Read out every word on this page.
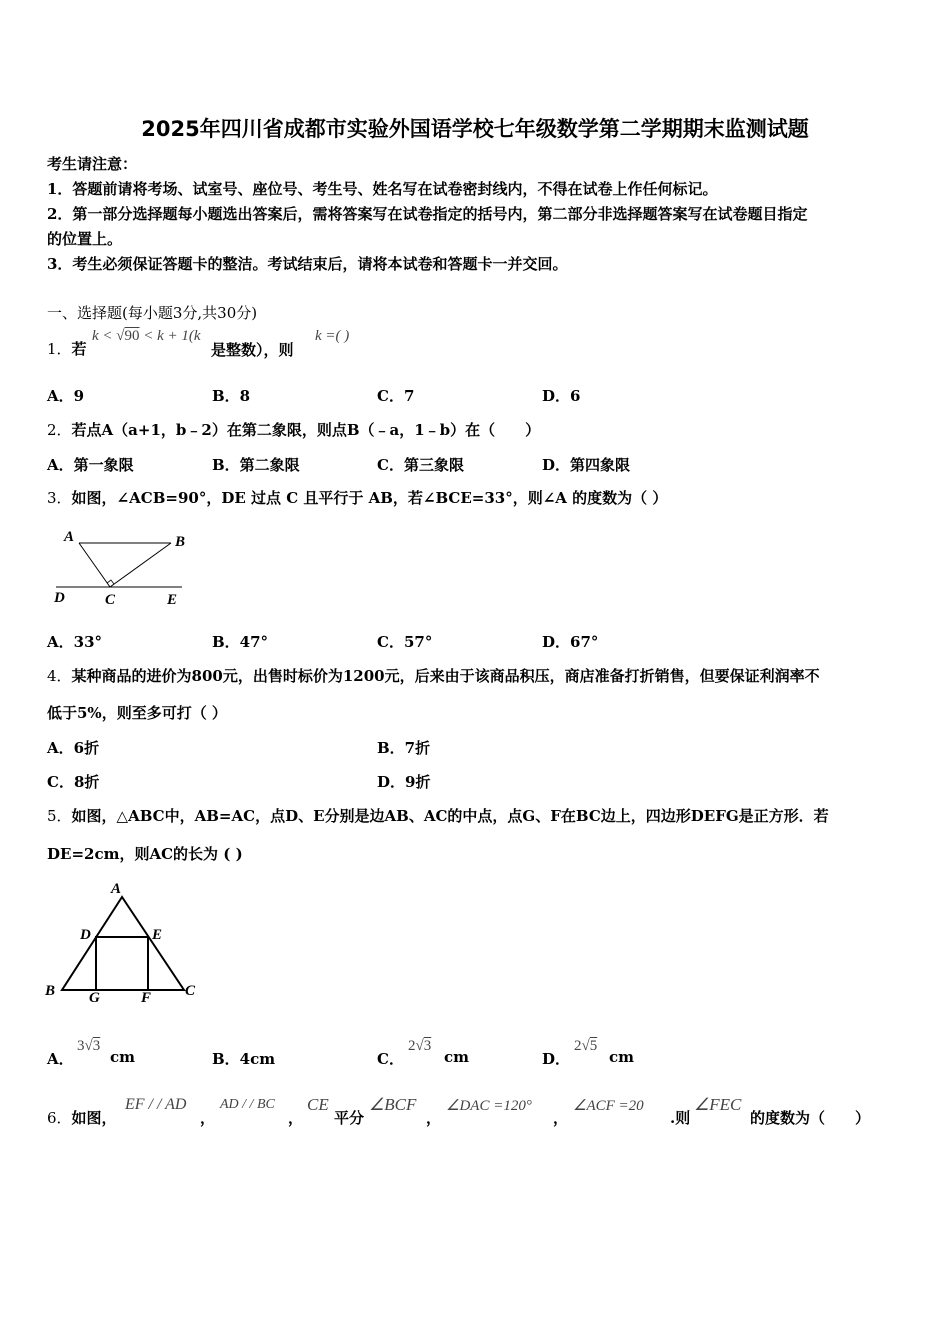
2025年四川省成都市实验外国语学校七年级数学第二学期期末监测试题
考生请注意：
1．答题前请将考场、试室号、座位号、考生号、姓名写在试卷密封线内，不得在试卷上作任何标记。
2．第一部分选择题每小题选出答案后，需将答案写在试卷指定的括号内，第二部分非选择题答案写在试卷题目指定
的位置上。
3．考生必须保证答题卡的整洁。考试结束后，请将本试卷和答题卡一并交回。
一、选择题(每小题3分,共30分)
1．若
k < √90 < k + 1(k
是整数），则
k =( )
A．9	B．8	C．7	D．6
2．若点A（a+1，b﹣2）在第二象限，则点B（﹣a，1﹣b）在（　　）
A．第一象限	B．第二象限	C．第三象限	D．第四象限
3．如图，∠ACB=90°，DE 过点 C 且平行于 AB，若∠BCE=33°，则∠A 的度数为（ ）
A	B
D	C	E
A．33°	B．47°	C．57°	D．67°
4．某种商品的进价为800元，出售时标价为1200元，后来由于该商品积压，商店准备打折销售，但要保证利润率不
低于5%，则至多可打（ ）
A．6折	B．7折
C．8折	D．9折
5．如图，△ABC中，AB=AC，点D、E分别是边AB、AC的中点，点G、F在BC边上，四边形DEFG是正方形．若
DE=2cm，则AC的长为 ( )
A
D	E
B G	F C
A．
3√3
cm	B．4cm	C．
2√3
cm	D．
2√5
cm
6．如图，
EF / / AD
，
AD / / BC
，
CE
平分
∠BCF
，
∠DAC =120°
，
∠ACF =20
.则
∠FEC
的度数为（　　）
